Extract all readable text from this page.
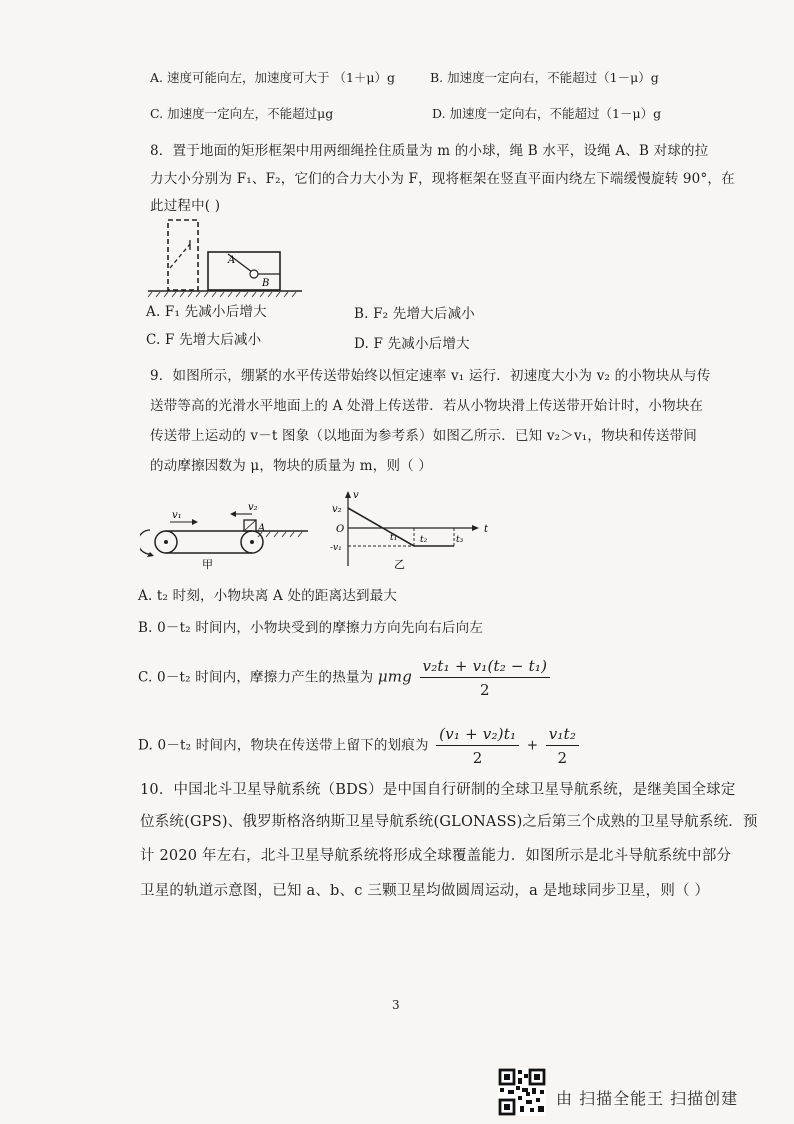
A. 速度可能向左，加速度可大于 （1＋μ）g	B. 加速度一定向右，不能超过（1－μ）g
C. 加速度一定向左，不能超过μg	D. 加速度一定向右，不能超过（1－μ）g
8．置于地面的矩形框架中用两细绳拴住质量为 m 的小球，绳 B 水平，设绳 A、B 对球的拉
力大小分别为 F₁、F₂，它们的合力大小为 F，现将框架在竖直平面内绕左下端缓慢旋转 90°，在
此过程中( )
A
B
A. F₁ 先减小后增大	B. F₂ 先增大后减小
C. F 先增大后减小	D. F 先减小后增大
9．如图所示，绷紧的水平传送带始终以恒定速率 v₁ 运行．初速度大小为 v₂ 的小物块从与传
送带等高的光滑水平地面上的 A 处滑上传送带．若从小物块滑上传送带开始计时，小物块在
传送带上运动的 v－t 图象（以地面为参考系）如图乙所示．已知 v₂＞v₁，物块和传送带间
的动摩擦因数为 μ，物块的质量为 m，则（ ）
v₁
v₂
A
甲
v
t
v₂
O
-v₁
t₁	t₂	t₃
乙
A. t₂ 时刻，小物块离 A 处的距离达到最大
B. 0－t₂ 时间内，小物块受到的摩擦力方向先向右后向左
C. 0－t₂ 时间内，摩擦力产生的热量为 μmg $\frac{\text{v₂t₁ + v₁(t₂ − t₁)}}{2}$
D. 0－t₂ 时间内，物块在传送带上留下的划痕为 $\frac{\text{(v₁ + v₂)t₁}}{2} + \frac{\text{v₁t₂}}{2}$
10．中国北斗卫星导航系统（BDS）是中国自行研制的全球卫星导航系统，是继美国全球定
位系统(GPS)、俄罗斯格洛纳斯卫星导航系统(GLONASS)之后第三个成熟的卫星导航系统．预
计 2020 年左右，北斗卫星导航系统将形成全球覆盖能力．如图所示是北斗导航系统中部分
卫星的轨道示意图，已知 a、b、c 三颗卫星均做圆周运动，a 是地球同步卫星，则（ ）
3
由 扫描全能王 扫描创建
